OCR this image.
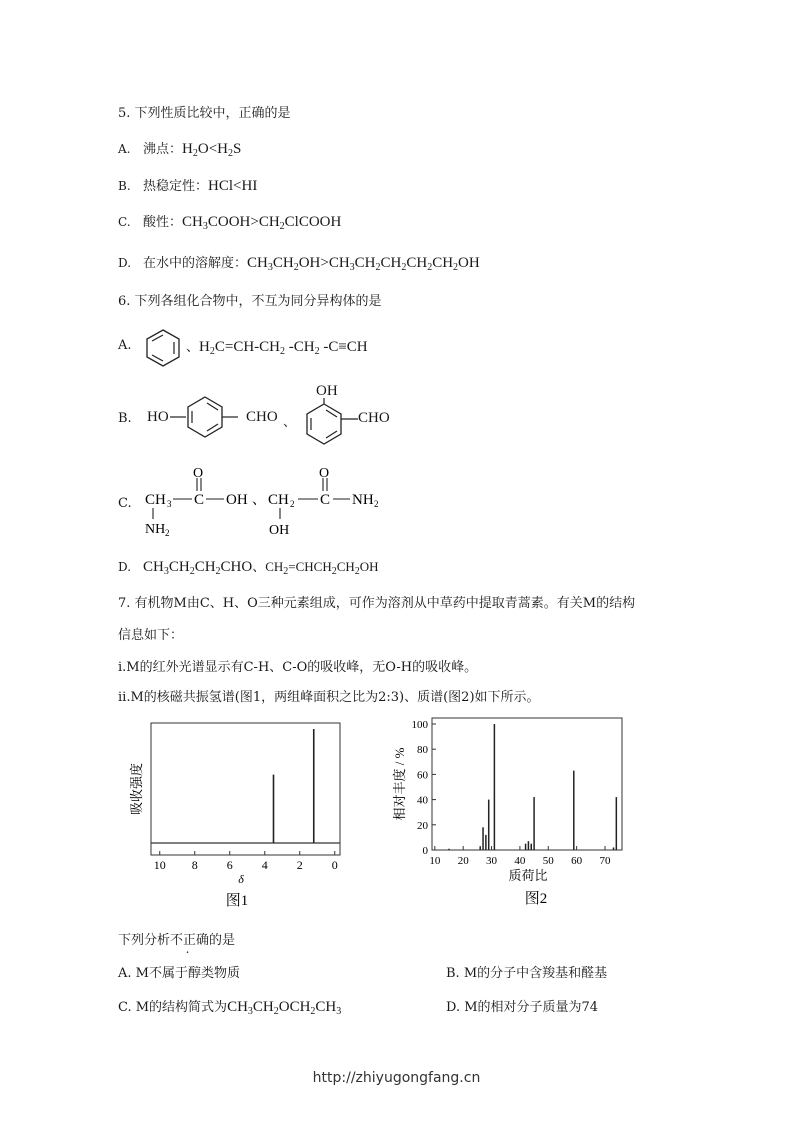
5. 下列性质比较中，正确的是
A. 沸点：$H_2O<H_2S$
B. 热稳定性：HCl<HI
C. 酸性：$CH_3COOH>CH_2ClCOOH$
D. 在水中的溶解度：$CH_3CH_2OH>CH_3CH_2CH_2CH_2CH_2OH$
6. 下列各组化合物中，不互为同分异构体的是
A.	、$H_2C=CH-CH_2$ $-CH_2$ -C≡CH
B. HO	CHO 、
OH
CHO
C. CH 3 C
O
OH
NH 2
、 CH 2 C
O
NH 2
OH
D. $CH_3CH_2CH_2CHO$、$CH_2=CHCH_2CH_2OH$
7. 有机物M由C、H、O三种元素组成，可作为溶剂从中草药中提取青蒿素。有关M的结构
信息如下：
ⅰ.M的红外光谱显示有C-H、C-O的吸收峰，无O-H的吸收峰。
ⅱ.M的核磁共振氢谱(图1，两组峰面积之比为2:3)、质谱(图2)如下所示。
10 8 6 4 2 0
δ
图1
吸收强度
0
20
40
60
80
100
10 20 30 40 50 60 70
质荷比
图2
相对丰度 / %
下列分析不正确的是
A. M不属于醇类物质	B. M的分子中含羧基和醛基
C. M的结构简式为$CH_3CH_2OCH_2CH_3$	D. M的相对分子质量为74
http://zhiyugongfang.cn
